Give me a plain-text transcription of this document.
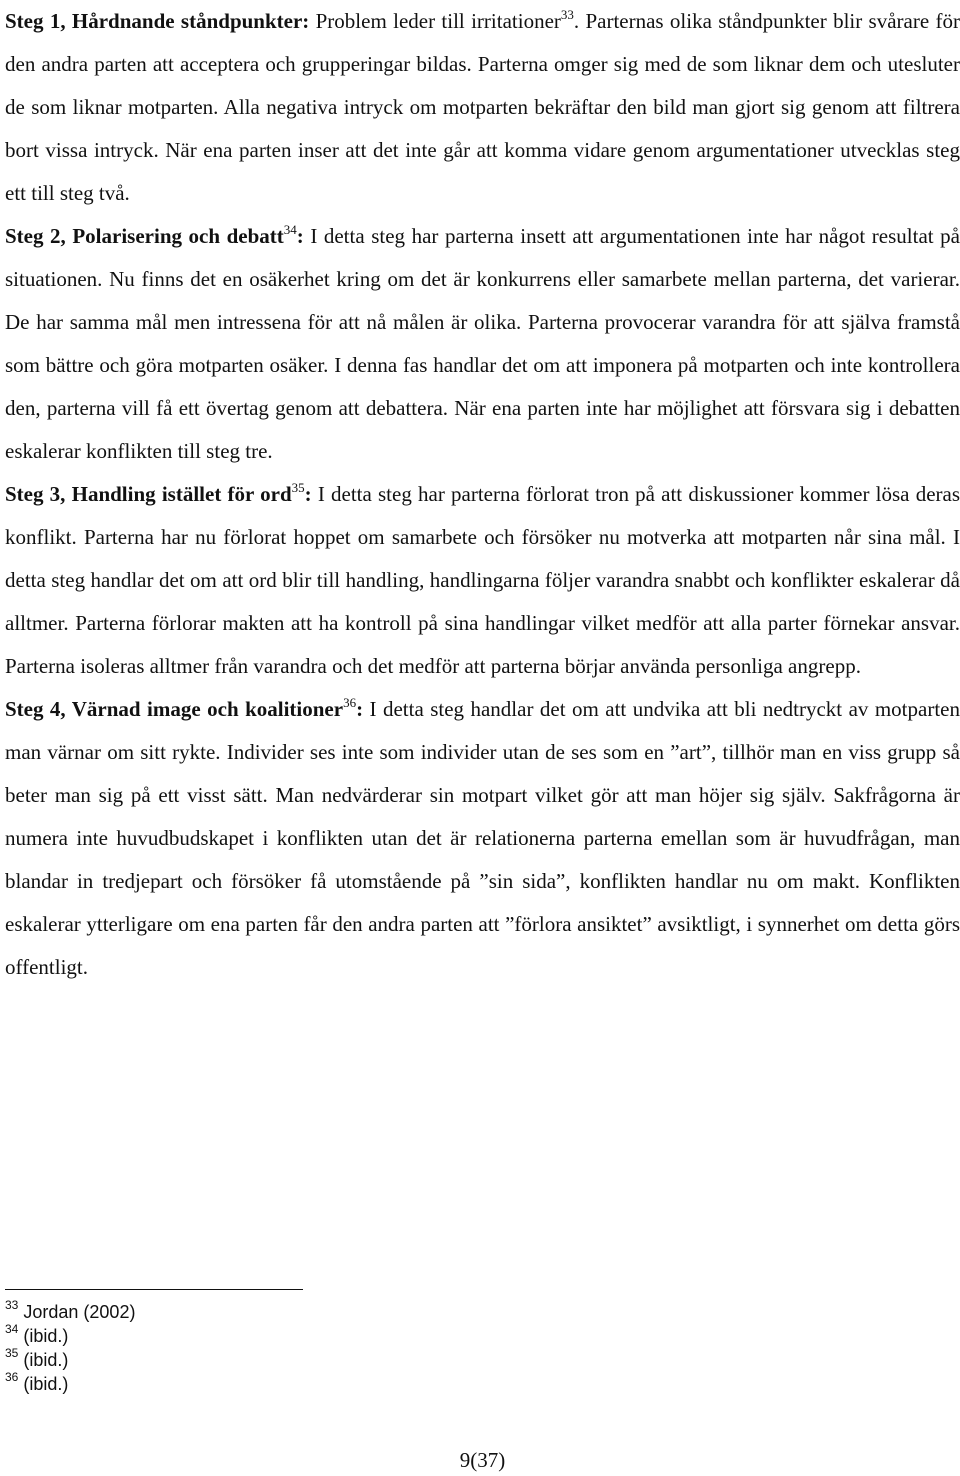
Steg 1, Hårdnande ståndpunkter: Problem leder till irritationer$^{33}$. Parternas olika ståndpunkter blir svårare för den andra parten att acceptera och grupperingar bildas. Parterna omger sig med de som liknar dem och utesluter de som liknar motparten. Alla negativa intryck om motparten bekräftar den bild man gjort sig genom att filtrera bort vissa intryck. När ena parten inser att det inte går att komma vidare genom argumentationer utvecklas steg ett till steg två.

Steg 2, Polarisering och debatt$^{34}$: I detta steg har parterna insett att argumentationen inte har något resultat på situationen. Nu finns det en osäkerhet kring om det är konkurrens eller samarbete mellan parterna, det varierar. De har samma mål men intressena för att nå målen är olika. Parterna provocerar varandra för att själva framstå som bättre och göra motparten osäker. I denna fas handlar det om att imponera på motparten och inte kontrollera den, parterna vill få ett övertag genom att debattera. När ena parten inte har möjlighet att försvara sig i debatten eskalerar konflikten till steg tre.

Steg 3, Handling istället för ord$^{35}$: I detta steg har parterna förlorat tron på att diskussioner kommer lösa deras konflikt. Parterna har nu förlorat hoppet om samarbete och försöker nu motverka att motparten når sina mål. I detta steg handlar det om att ord blir till handling, handlingarna följer varandra snabbt och konflikter eskalerar då alltmer. Parterna förlorar makten att ha kontroll på sina handlingar vilket medför att alla parter förnekar ansvar. Parterna isoleras alltmer från varandra och det medför att parterna börjar använda personliga angrepp.

Steg 4, Värnad image och koalitioner$^{36}$: I detta steg handlar det om att undvika att bli nedtryckt av motparten man värnar om sitt rykte. Individer ses inte som individer utan de ses som en ”art”, tillhör man en viss grupp så beter man sig på ett visst sätt. Man nedvärderar sin motpart vilket gör att man höjer sig själv. Sakfrågorna är numera inte huvudbudskapet i konflikten utan det är relationerna parterna emellan som är huvudfrågan, man blandar in tredjepart och försöker få utomstående på ”sin sida”, konflikten handlar nu om makt. Konflikten eskalerar ytterligare om ena parten får den andra parten att ”förlora ansiktet” avsiktligt, i synnerhet om detta görs offentligt.

$^{33}$ Jordan (2002)

$^{34}$ (ibid.)

$^{35}$ (ibid.)

$^{36}$ (ibid.)

9(37)
